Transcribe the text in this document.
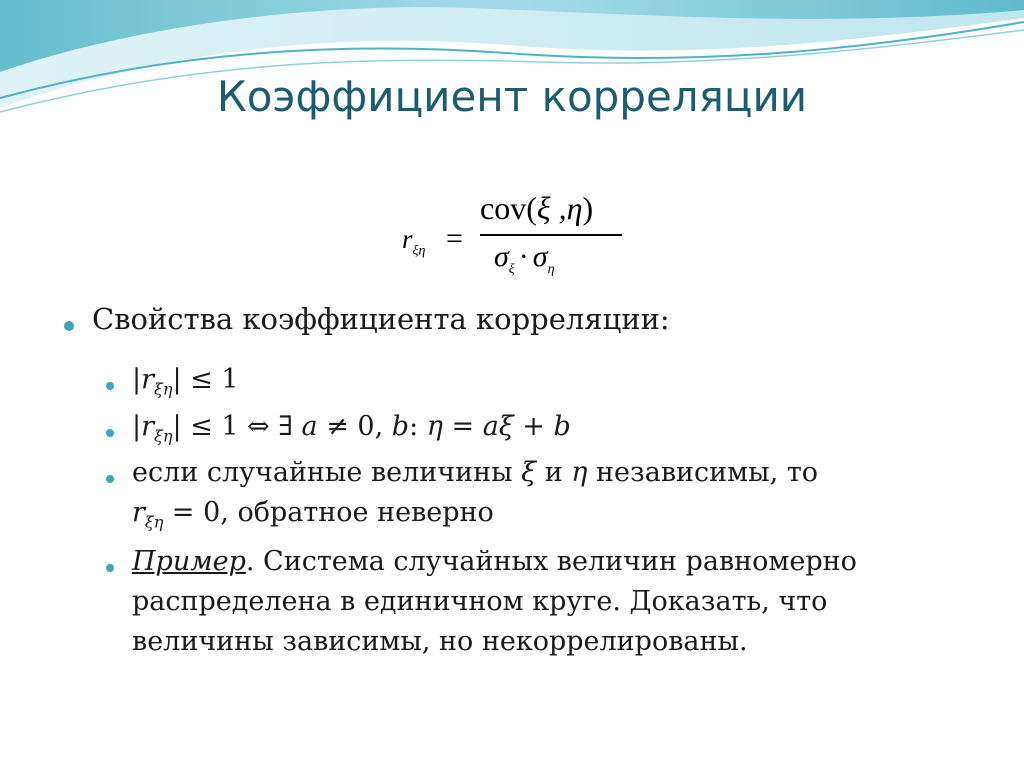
Коэффициент корреляции
$r_{\xi\eta}$ =
cov(ξ ,η)
$\sigma_\xi \cdot \sigma_\eta$
Свойства коэффициента корреляции:
$|r_{\xi\eta}| \le 1$
$|r_{\xi\eta}| \le 1$ ⇔ ∃ a ≠ 0, b: η = aξ + b
если случайные величины ξ и η независимы, то
$r_{\xi\eta} = 0$, обратное неверно
Пример. Система случайных величин равномерно
распределена в единичном круге. Доказать, что
величины зависимы, но некоррелированы.
